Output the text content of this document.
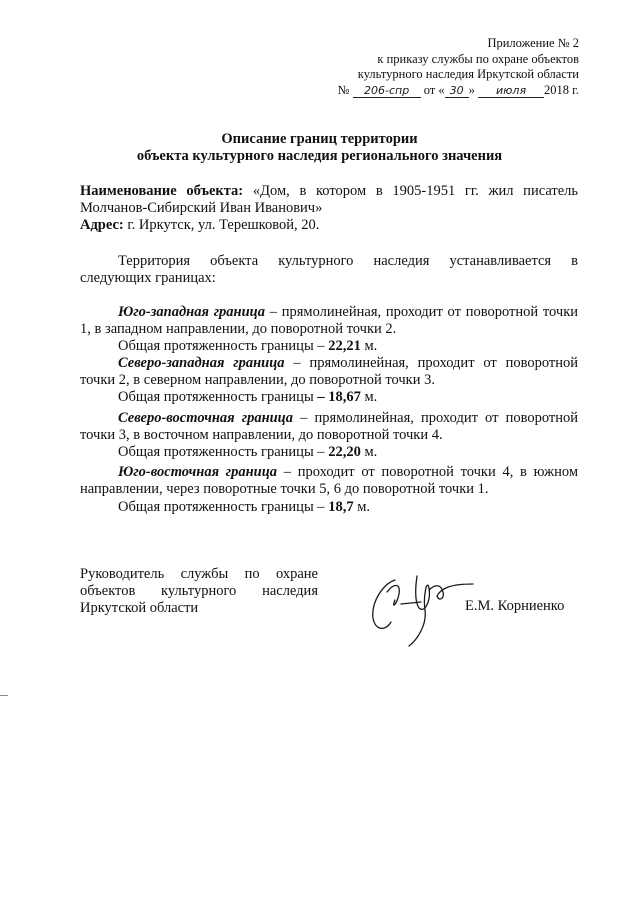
Приложение № 2
к приказу службы по охране объектов
культурного наследия Иркутской области
№ 206-спр от « 30 » июля 2018 г.
Описание границ территории
объекта культурного наследия регионального значения
Наименование объекта: «Дом, в котором в 1905-1951 гг. жил писатель Молчанов-Сибирский Иван Иванович»
Адрес: г. Иркутск, ул. Терешковой, 20.
Территория объекта культурного наследия устанавливается в
следующих границах:
Юго-западная граница – прямолинейная, проходит от поворотной точки 1, в западном направлении, до поворотной точки 2.
Общая протяженность границы – 22,21 м.
Северо-западная граница – прямолинейная, проходит от поворотной точки 2, в северном направлении, до поворотной точки 3.
Общая протяженность границы – 18,67 м.
Северо-восточная граница – прямолинейная, проходит от поворотной точки 3, в восточном направлении, до поворотной точки 4.
Общая протяженность границы – 22,20 м.
Юго-восточная граница – проходит от поворотной точки 4, в южном направлении, через поворотные точки 5, 6 до поворотной точки 1.
Общая протяженность границы – 18,7 м.
Руководитель службы по охране
объектов культурного наследия
Иркутской области	Е.М. Корниенко
